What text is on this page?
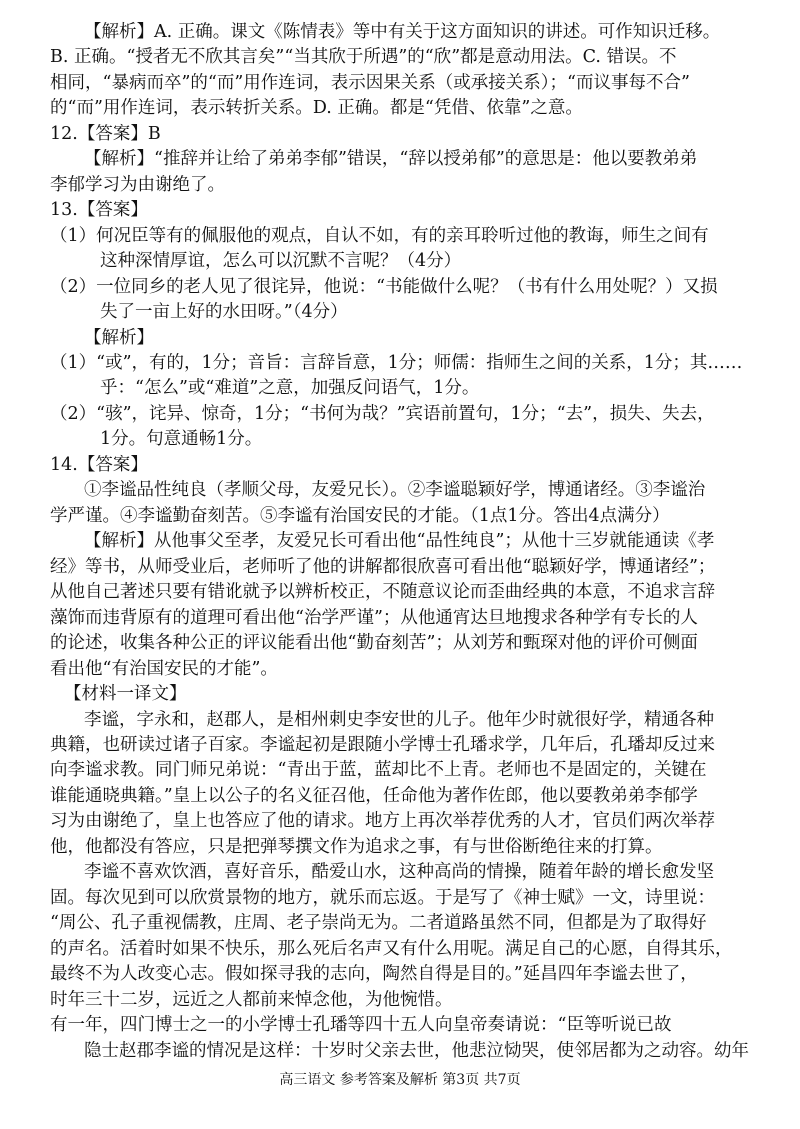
高三语文 参考答案及解析 第3页 共7页
【解析】A. 正确。课文《陈情表》等中有关于这方面知识的讲述。可作知识迁移。
B. 正确。“授者无不欣其言矣”“当其欣于所遇”的“欣”都是意动用法。C. 错误。不
相同，“暴病而卒”的“而”用作连词，表示因果关系（或承接关系）；“而议事每不合”
的“而”用作连词，表示转折关系。D. 正确。都是“凭借、依靠”之意。
12.【答案】B
【解析】“推辞并让给了弟弟李郁”错误，“辞以授弟郁”的意思是：他以要教弟弟
李郁学习为由谢绝了。
13.【答案】
（1）何况臣等有的佩服他的观点，自认不如，有的亲耳聆听过他的教诲，师生之间有
这种深情厚谊，怎么可以沉默不言呢？（4分）
（2）一位同乡的老人见了很诧异，他说：“书能做什么呢？（书有什么用处呢？）又损
失了一亩上好的水田呀。”（4分）
【解析】
（1）“或”，有的，1分；音旨：言辞旨意，1分；师儒：指师生之间的关系，1分；其……
乎：“怎么”或“难道”之意，加强反问语气，1分。
（2）“骇”，诧异、惊奇，1分；“书何为哉？”宾语前置句，1分；“去”，损失、失去，
1分。句意通畅1分。
14.【答案】
①李谧品性纯良（孝顺父母，友爱兄长）。②李谧聪颖好学，博通诸经。③李谧治
学严谨。④李谧勤奋刻苦。⑤李谧有治国安民的才能。（1点1分。答出4点满分）
【解析】从他事父至孝，友爱兄长可看出他“品性纯良”；从他十三岁就能通读《孝
经》等书，从师受业后，老师听了他的讲解都很欣喜可看出他“聪颖好学，博通诸经”；
从他自己著述只要有错讹就予以辨析校正，不随意议论而歪曲经典的本意，不追求言辞
藻饰而违背原有的道理可看出他“治学严谨”；从他通宵达旦地搜求各种学有专长的人
的论述，收集各种公正的评议能看出他“勤奋刻苦”；从刘芳和甄琛对他的评价可侧面
看出他“有治国安民的才能”。
【材料一译文】
李谧，字永和，赵郡人，是相州刺史李安世的儿子。他年少时就很好学，精通各种
典籍，也研读过诸子百家。李谧起初是跟随小学博士孔璠求学，几年后，孔璠却反过来
向李谧求教。同门师兄弟说：“青出于蓝，蓝却比不上青。老师也不是固定的，关键在
谁能通晓典籍。”皇上以公子的名义征召他，任命他为著作佐郎，他以要教弟弟李郁学
习为由谢绝了，皇上也答应了他的请求。地方上再次举荐优秀的人才，官员们两次举荐
他，他都没有答应，只是把弹琴撰文作为追求之事，有与世俗断绝往来的打算。
李谧不喜欢饮酒，喜好音乐，酷爱山水，这种高尚的情操，随着年龄的增长愈发坚
固。每次见到可以欣赏景物的地方，就乐而忘返。于是写了《神士赋》一文，诗里说：
“周公、孔子重视儒教，庄周、老子崇尚无为。二者道路虽然不同，但都是为了取得好
的声名。活着时如果不快乐，那么死后名声又有什么用呢。满足自己的心愿，自得其乐，
最终不为人改变心志。假如探寻我的志向，陶然自得是目的。”延昌四年李谧去世了，
时年三十二岁，远近之人都前来悼念他，为他惋惜。
有一年，四门博士之一的小学博士孔璠等四十五人向皇帝奏请说：“臣等听说已故
隐士赵郡李谧的情况是这样：十岁时父亲去世，他悲泣恸哭，使邻居都为之动容。幼年
